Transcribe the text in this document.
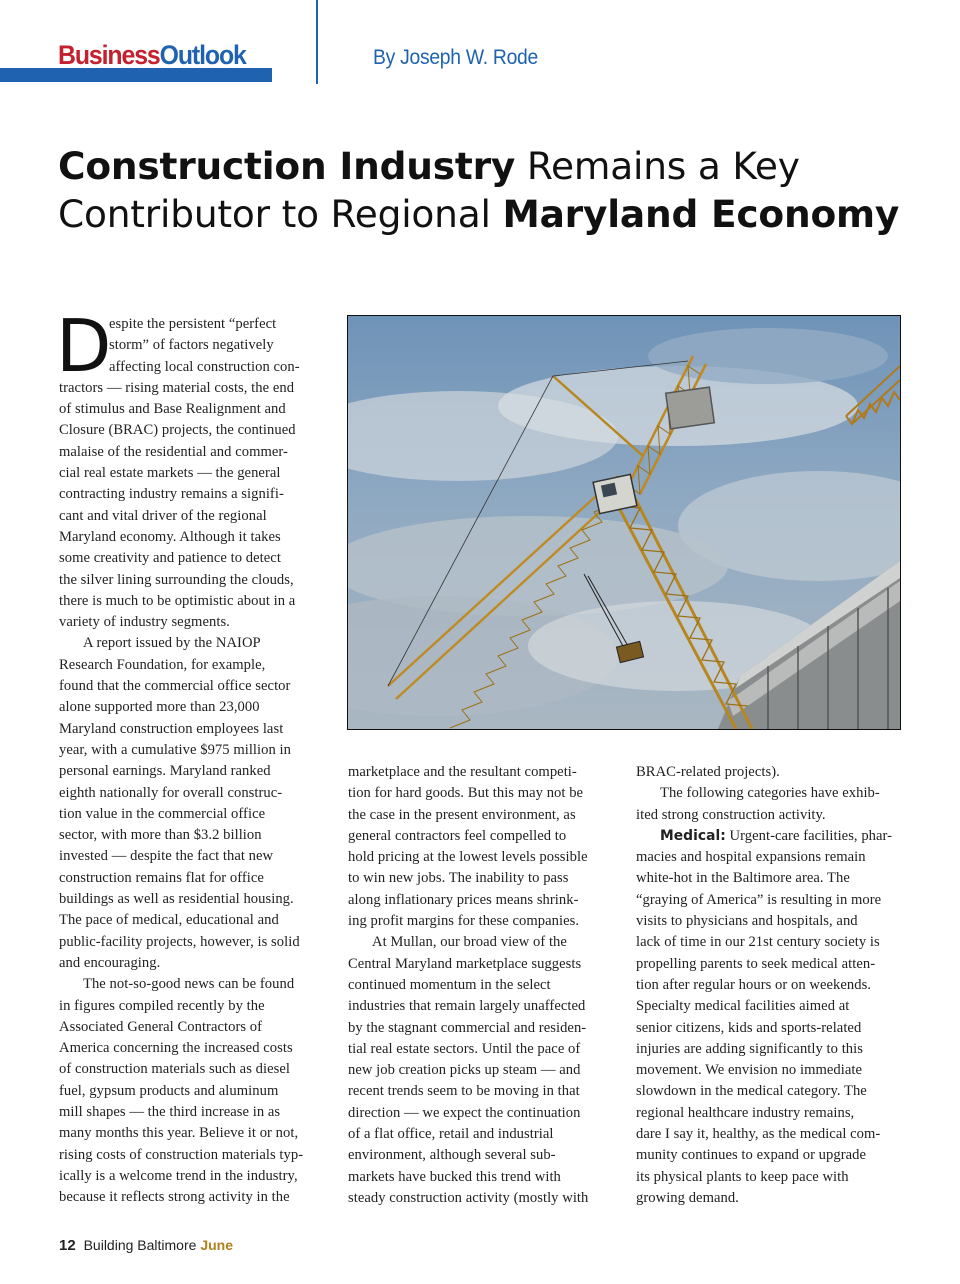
BusinessOutlook	By Joseph W. Rode

Construction Industry Remains a Key
Contributor to Regional Maryland Economy

D

espite the persistent “perfect
storm” of factors negatively
affecting local construction con-
tractors — rising material costs, the end
of stimulus and Base Realignment and
Closure (BRAC) projects, the continued
malaise of the residential and commer-
cial real estate markets — the general
contracting industry remains a signifi-
cant and vital driver of the regional
Maryland economy. Although it takes
some creativity and patience to detect
the silver lining surrounding the clouds,
there is much to be optimistic about in a
variety of industry segments.
A report issued by the NAIOP
Research Foundation, for example,
found that the commercial office sector
alone supported more than 23,000
Maryland construction employees last
year, with a cumulative $975 million in
personal earnings. Maryland ranked
eighth nationally for overall construc-
tion value in the commercial office
sector, with more than $3.2 billion
invested — despite the fact that new
construction remains flat for office
buildings as well as residential housing.
The pace of medical, educational and
public-facility projects, however, is solid
and encouraging.
The not-so-good news can be found
in figures compiled recently by the
Associated General Contractors of
America concerning the increased costs
of construction materials such as diesel
fuel, gypsum products and aluminum
mill shapes — the third increase in as
many months this year. Believe it or not,
rising costs of construction materials typ-
ically is a welcome trend in the industry,
because it reflects strong activity in the
marketplace and the resultant competi-
tion for hard goods. But this may not be
the case in the present environment, as
general contractors feel compelled to
hold pricing at the lowest levels possible
to win new jobs. The inability to pass
along inflationary prices means shrink-
ing profit margins for these companies.
At Mullan, our broad view of the
Central Maryland marketplace suggests
continued momentum in the select
industries that remain largely unaffected
by the stagnant commercial and residen-
tial real estate sectors. Until the pace of
new job creation picks up steam — and
recent trends seem to be moving in that
direction — we expect the continuation
of a flat office, retail and industrial
environment, although several sub-
markets have bucked this trend with
steady construction activity (mostly with
BRAC-related projects).
The following categories have exhib-
ited strong construction activity.
Medical: Urgent-care facilities, phar-
macies and hospital expansions remain
white-hot in the Baltimore area. The
“graying of America” is resulting in more
visits to physicians and hospitals, and
lack of time in our 21st century society is
propelling parents to seek medical atten-
tion after regular hours or on weekends.
Specialty medical facilities aimed at
senior citizens, kids and sports-related
injuries are adding significantly to this
movement. We envision no immediate
slowdown in the medical category. The
regional healthcare industry remains,
dare I say it, healthy, as the medical com-
munity continues to expand or upgrade
its physical plants to keep pace with
growing demand.

12 Building Baltimore June
